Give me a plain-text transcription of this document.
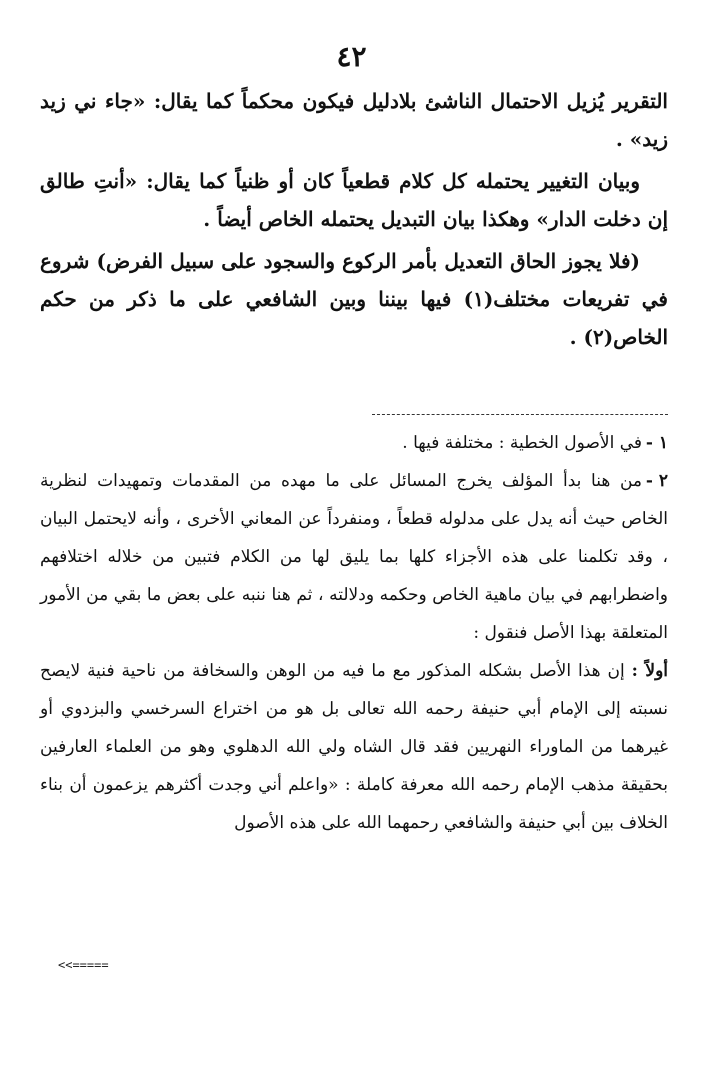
٤٢

التقرير يُزيل الاحتمال الناشئ بلادليل فيكون محكماً كما يقال: «جاء ني زيد زيد» .

وبيان التغيير يحتمله كل كلام قطعياً كان أو ظنياً كما يقال: «أنتِ طالق إن دخلت الدار» وهكذا بيان التبديل يحتمله الخاص أيضاً .

(فلا يجوز الحاق التعديل بأمر الركوع والسجود على سبيل الفرض) شروع في تفريعات مختلف(١) فيها بيننا وبين الشافعي على ما ذكر من حكم الخاص(٢) .

١ -في الأصول الخطية : مختلفة فيها .

٢ -من هنا بدأ المؤلف يخرج المسائل على ما مهده من المقدمات وتمهيدات لنظرية الخاص حيث أنه يدل على مدلوله قطعاً ، ومنفرداً عن المعاني الأخرى ، وأنه لايحتمل البيان ، وقد تكلمنا على هذه الأجزاء كلها بما يليق لها من الكلام فتبين من خلاله اختلافهم واضطرابهم في بيان ماهية الخاص وحكمه ودلالته ، ثم هنا ننبه على بعض ما بقي من الأمور المتعلقة بهذا الأصل فنقول :

أولاً : إن هذا الأصل بشكله المذكور مع ما فيه من الوهن والسخافة من ناحية فنية لايصح نسبته إلى الإمام أبي حنيفة رحمه الله تعالى بل هو من اختراع السرخسي والبزدوي أو غيرهما من الماوراء النهريين فقد قال الشاه ولي الله الدهلوي وهو من العلماء العارفين بحقيقة مذهب الإمام رحمه الله معرفة كاملة : «واعلم أني وجدت أكثرهم يزعمون أن بناء الخلاف بين أبي حنيفة والشافعي رحمهما الله على هذه الأصول

<<=====
